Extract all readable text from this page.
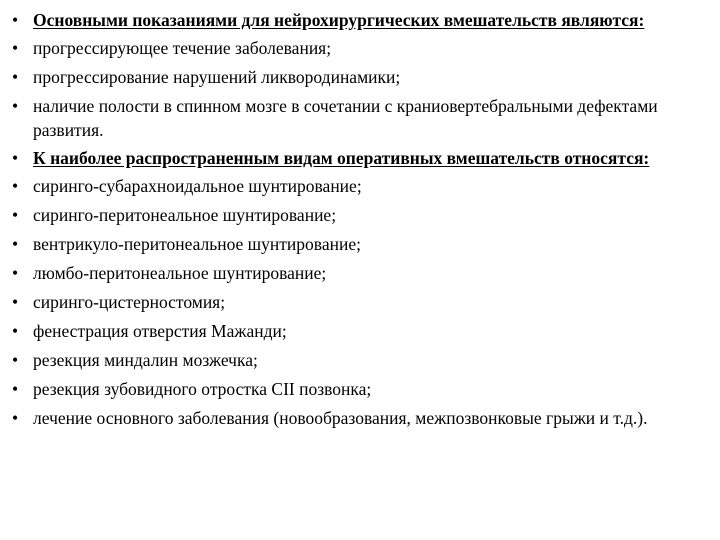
• Основными показаниями для нейрохирургических вмешательств являются:
• прогрессирующее течение заболевания;
• прогрессирование нарушений ликвородинамики;
• наличие полости в спинном мозге в сочетании с краниовертебральными дефектами развития.
• К наиболее распространенным видам оперативных вмешательств относятся:
• сиринго-субарахноидальное шунтирование;
• сиринго-перитонеальное шунтирование;
• вентрикуло-перитонеальное шунтирование;
• люмбо-перитонеальное шунтирование;
• сиринго-цистерностомия;
• фенестрация отверстия Мажанди;
• резекция миндалин мозжечка;
• резекция зубовидного отростка CII позвонка;
• лечение основного заболевания (новообразования, межпозвонковые грыжи и т.д.).
